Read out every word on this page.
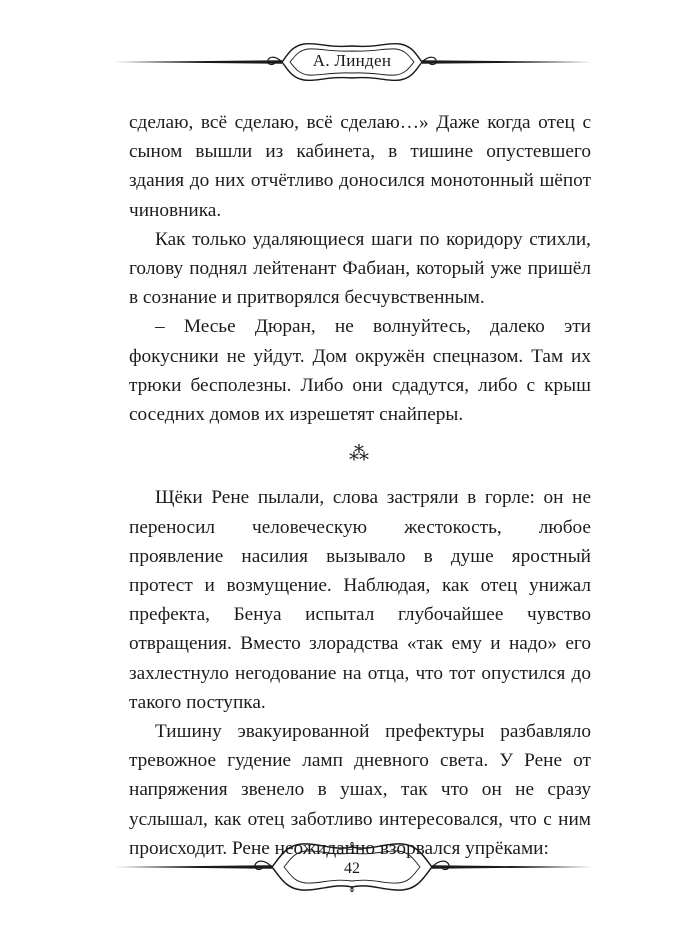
А. Линден

сделаю, всё сделаю, всё сделаю…» Даже когда отец с сыном вышли из кабинета, в тишине опустевшего здания до них отчётливо доносился монотонный шёпот чиновника.

Как только удаляющиеся шаги по коридору стихли, голову поднял лейтенант Фабиан, который уже пришёл в сознание и притворялся бесчувственным.

– Месье Дюран, не волнуйтесь, далеко эти фокусники не уйдут. Дом окружён спецназом. Там их трюки бесполезны. Либо они сдадутся, либо с крыш соседних домов их изрешетят снайперы.

⁂

Щёки Рене пылали, слова застряли в горле: он не переносил человеческую жестокость, любое проявление насилия вызывало в душе яростный протест и возмущение. Наблюдая, как отец унижал префекта, Бенуа испытал глубочайшее чувство отвращения. Вместо злорадства «так ему и надо» его захлестнуло негодование на отца, что тот опустился до такого поступка.

Тишину эвакуированной префектуры разбавляло тревожное гудение ламп дневного света. У Рене от напряжения звенело в ушах, так что он не сразу услышал, как отец заботливо интересовался, что с ним происходит. Рене неожиданно взорвался упрёками:

42
